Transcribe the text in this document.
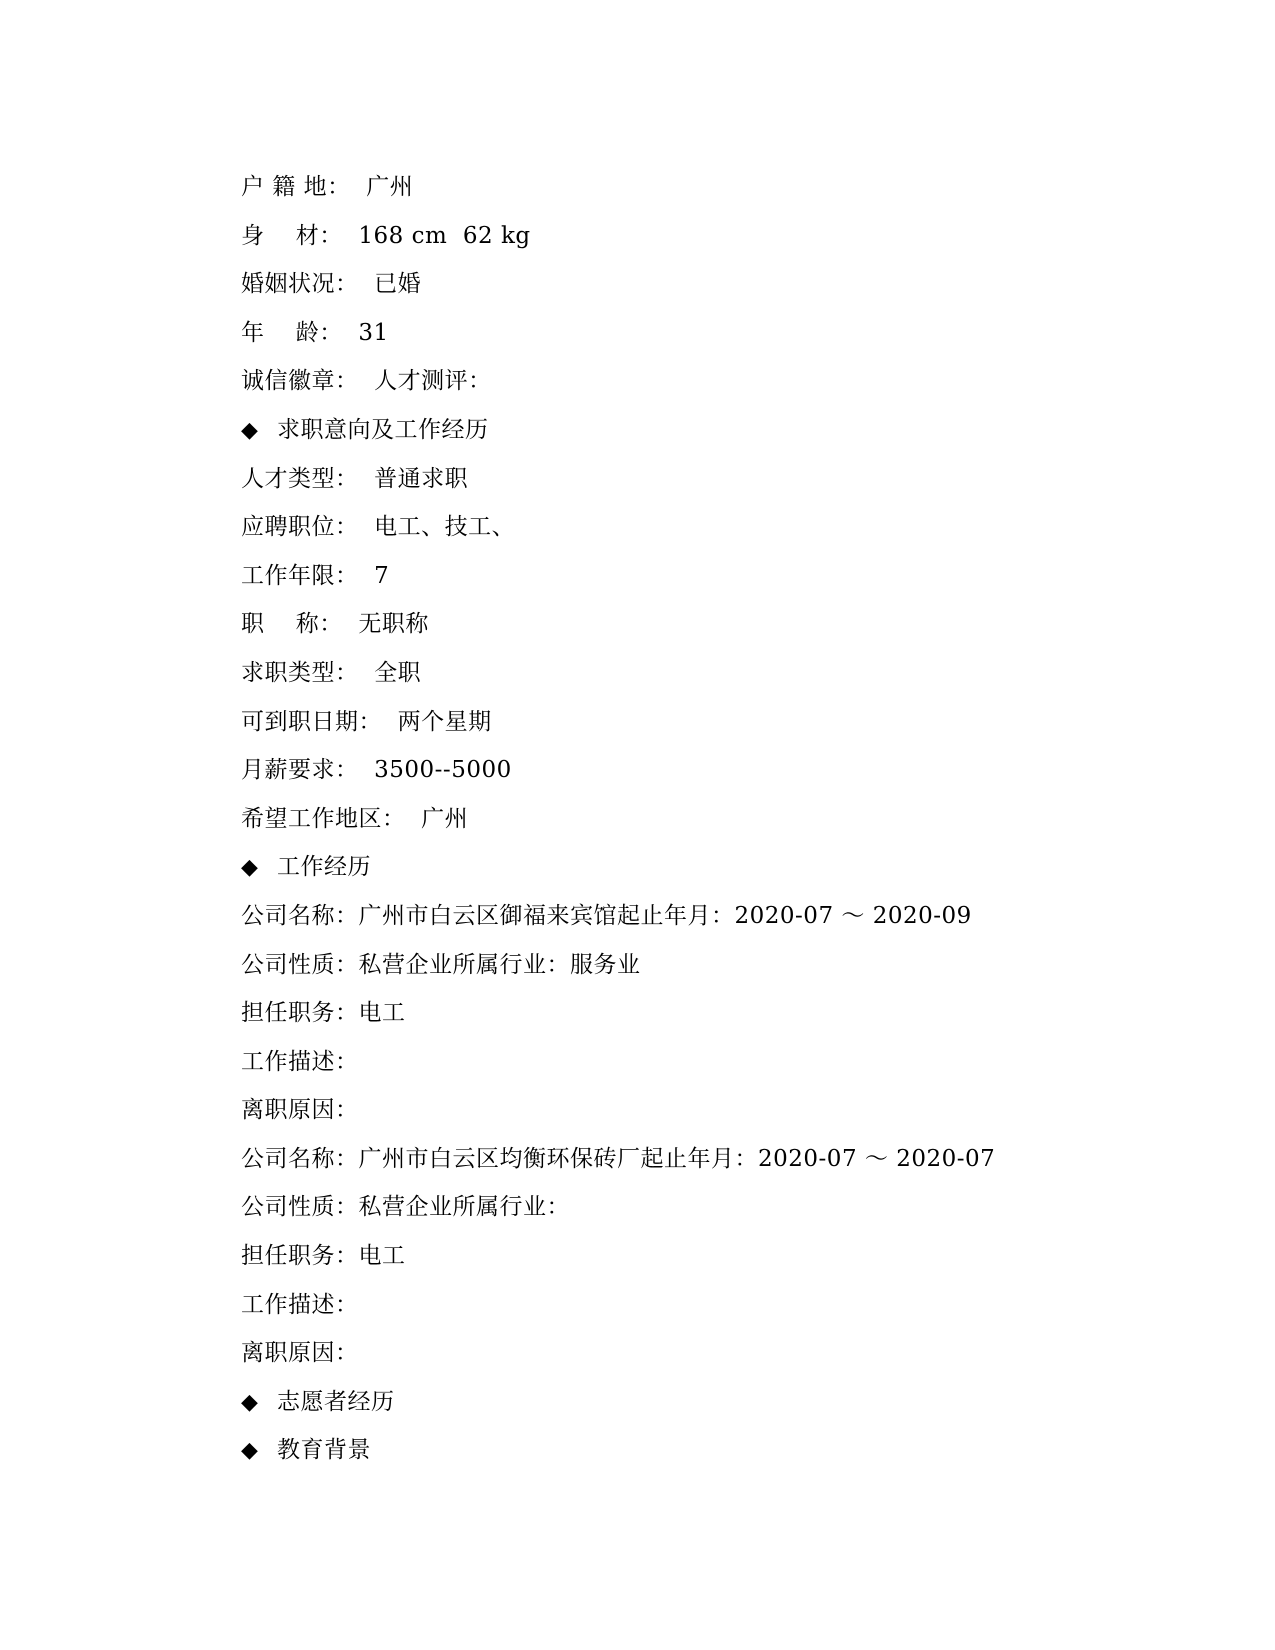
户 籍 地： 广州
身    材： 168 cm  62 kg
婚姻状况： 已婚
年    龄： 31
诚信徽章： 人才测评：
◆ 求职意向及工作经历
人才类型： 普通求职
应聘职位： 电工、技工、
工作年限： 7
职    称： 无职称
求职类型： 全职
可到职日期： 两个星期
月薪要求： 3500--5000
希望工作地区： 广州
◆ 工作经历
公司名称：广州市白云区御福来宾馆起止年月：2020-07 ～ 2020-09
公司性质：私营企业所属行业：服务业
担任职务：电工
工作描述：
离职原因：
公司名称：广州市白云区均衡环保砖厂起止年月：2020-07 ～ 2020-07
公司性质：私营企业所属行业：
担任职务：电工
工作描述：
离职原因：
◆ 志愿者经历
◆ 教育背景
